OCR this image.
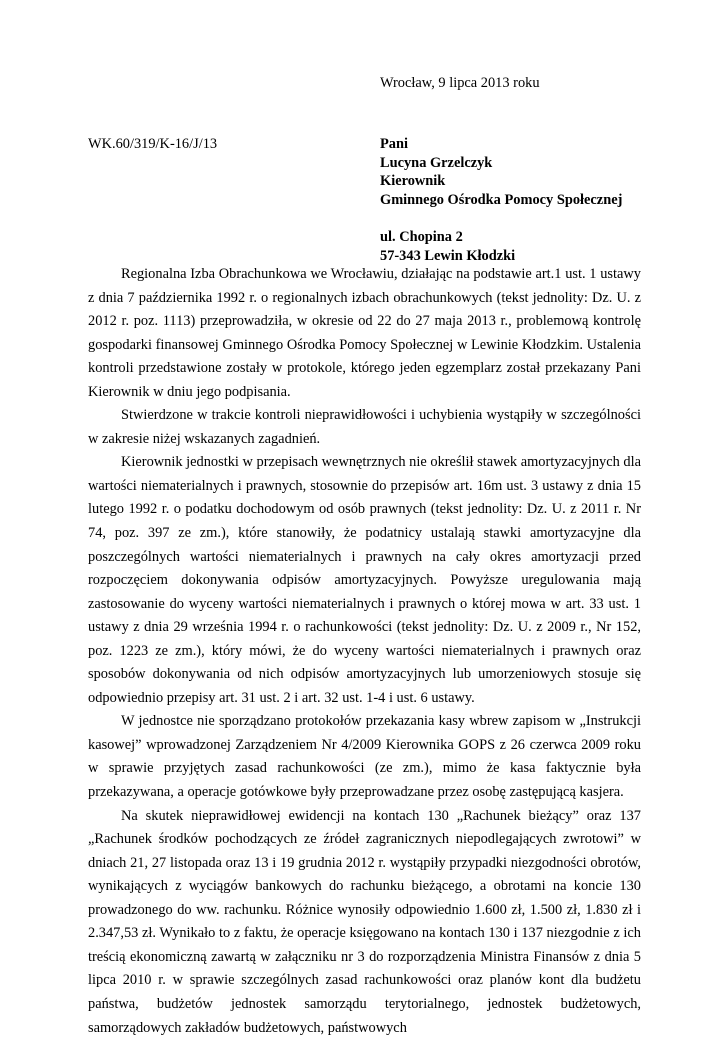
Wrocław, 9 lipca 2013 roku
WK.60/319/K-16/J/13	Pani
Lucyna Grzelczyk
Kierownik
Gminnego Ośrodka Pomocy Społecznej
ul. Chopina 2
57-343 Lewin Kłodzki

Regionalna Izba Obrachunkowa we Wrocławiu, działając na podstawie art.1 ust. 1 ustawy z dnia 7 października 1992 r. o regionalnych izbach obrachunkowych (tekst jednolity: Dz. U. z 2012 r. poz. 1113) przeprowadziła, w okresie od 22 do 27 maja 2013 r., problemową kontrolę gospodarki finansowej Gminnego Ośrodka Pomocy Społecznej w Lewinie Kłodzkim. Ustalenia kontroli przedstawione zostały w protokole, którego jeden egzemplarz został przekazany Pani Kierownik w dniu jego podpisania.

Stwierdzone w trakcie kontroli nieprawidłowości i uchybienia wystąpiły w szczególności w zakresie niżej wskazanych zagadnień.

Kierownik jednostki w przepisach wewnętrznych nie określił stawek amortyzacyjnych dla wartości niematerialnych i prawnych, stosownie do przepisów art. 16m ust. 3 ustawy z dnia 15 lutego 1992 r. o podatku dochodowym od osób prawnych (tekst jednolity: Dz. U. z 2011 r. Nr 74, poz. 397 ze zm.), które stanowiły, że podatnicy ustalają stawki amortyzacyjne dla poszczególnych wartości niematerialnych i prawnych na cały okres amortyzacji przed rozpoczęciem dokonywania odpisów amortyzacyjnych. Powyższe uregulowania mają zastosowanie do wyceny wartości niematerialnych i prawnych o której mowa w art. 33 ust. 1 ustawy z dnia 29 września 1994 r. o rachunkowości (tekst jednolity: Dz. U. z 2009 r., Nr 152, poz. 1223 ze zm.), który mówi, że do wyceny wartości niematerialnych i prawnych oraz sposobów dokonywania od nich odpisów amortyzacyjnych lub umorzeniowych stosuje się odpowiednio przepisy art. 31 ust. 2 i art. 32 ust. 1-4 i ust. 6 ustawy.

W jednostce nie sporządzano protokołów przekazania kasy wbrew zapisom w „Instrukcji kasowej” wprowadzonej Zarządzeniem Nr 4/2009 Kierownika GOPS z 26 czerwca 2009 roku w sprawie przyjętych zasad rachunkowości (ze zm.), mimo że kasa faktycznie była przekazywana, a operacje gotówkowe były przeprowadzane przez osobę zastępującą kasjera.

Na skutek nieprawidłowej ewidencji na kontach 130 „Rachunek bieżący” oraz 137 „Rachunek środków pochodzących ze źródeł zagranicznych niepodlegających zwrotowi” w dniach 21, 27 listopada oraz 13 i 19 grudnia 2012 r. wystąpiły przypadki niezgodności obrotów, wynikających z wyciągów bankowych do rachunku bieżącego, a obrotami na koncie 130 prowadzonego do ww. rachunku. Różnice wynosiły odpowiednio 1.600 zł, 1.500 zł, 1.830 zł i 2.347,53 zł. Wynikało to z faktu, że operacje księgowano na kontach 130 i 137 niezgodnie z ich treścią ekonomiczną zawartą w załączniku nr 3 do rozporządzenia Ministra Finansów z dnia 5 lipca 2010 r. w sprawie szczególnych zasad rachunkowości oraz planów kont dla budżetu państwa, budżetów jednostek samorządu terytorialnego, jednostek budżetowych, samorządowych zakładów budżetowych, państwowych
